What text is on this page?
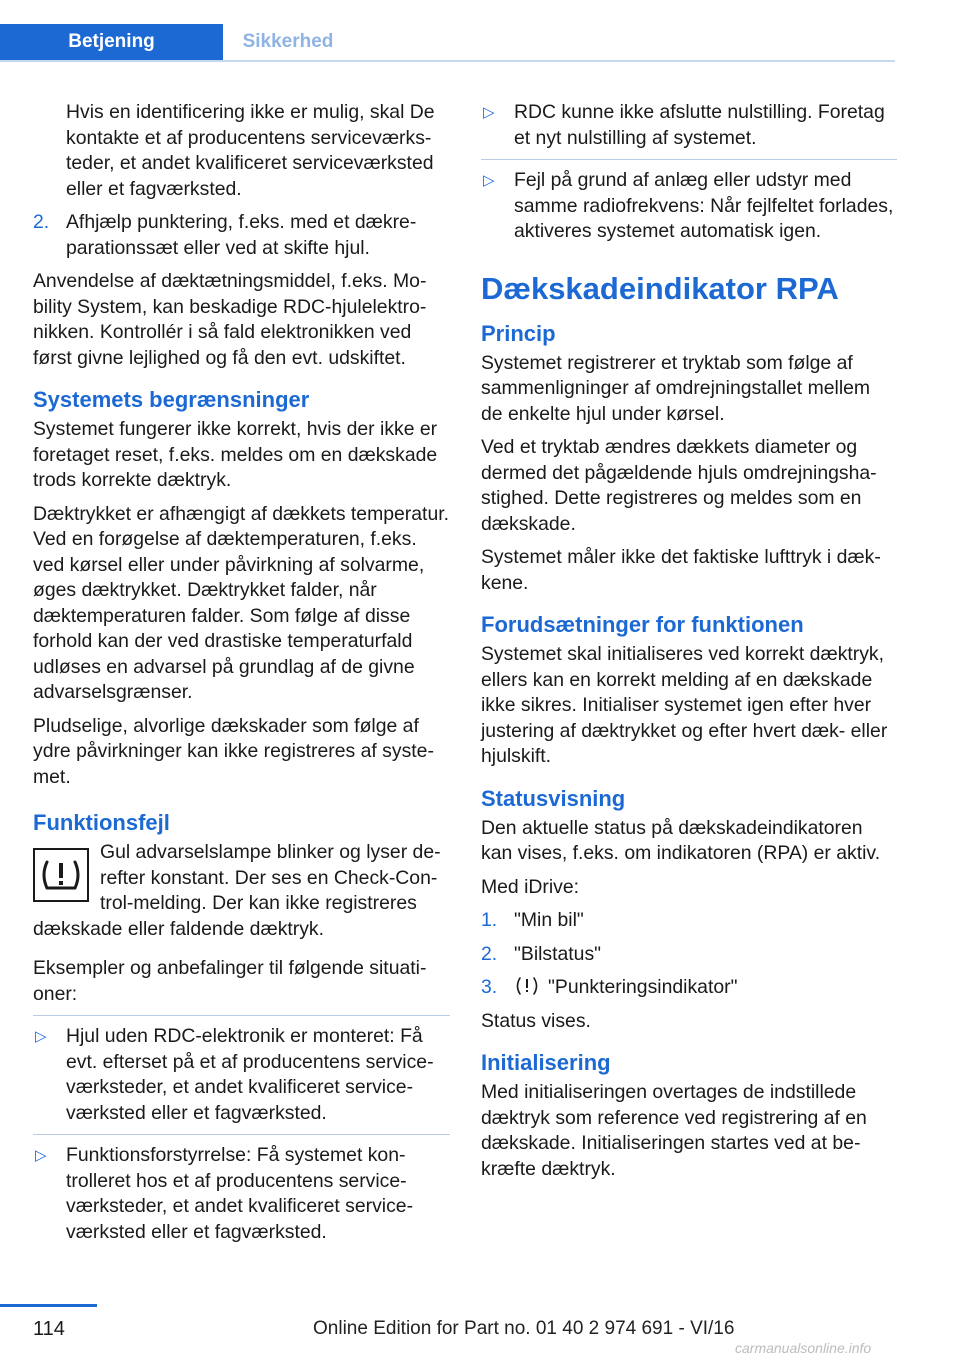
Betjening	Sikkerhed

Hvis en identificering ikke er mulig, skal De kontakte et af producentens serviceværksteder, et andet kvalificeret serviceværksted eller et fagværksted.

2. Afhjælp punktering, f.eks. med et dækreparationssæt eller ved at skifte hjul.

Anvendelse af dæktætningsmiddel, f.eks. Mobility System, kan beskadige RDC-hjulelektronikken. Kontrollér i så fald elektronikken ved først givne lejlighed og få den evt. udskiftet.

Systemets begrænsninger

Systemet fungerer ikke korrekt, hvis der ikke er foretaget reset, f.eks. meldes om en dækskade trods korrekte dæktryk.

Dæktrykket er afhængigt af dækkets temperatur. Ved en forøgelse af dæktemperaturen, f.eks. ved kørsel eller under påvirkning af solvarme, øges dæktrykket. Dæktrykket falder, når dæktemperaturen falder. Som følge af disse forhold kan der ved drastiske temperaturfald udløses en advarsel på grundlag af de givne advarselsgrænser.

Pludselige, alvorlige dækskader som følge af ydre påvirkninger kan ikke registreres af systemet.

Funktionsfejl
Gul advarselslampe blinker og lyser derefter konstant. Der ses en Check-Control-melding. Der kan ikke registreres
dækskade eller faldende dæktryk.

Eksempler og anbefalinger til følgende situationer:

▷ Hjul uden RDC-elektronik er monteret: Få evt. efterset på et af producentens serviceværksteder, et andet kvalificeret serviceværksted eller et fagværksted.
▷ Funktionsforstyrrelse: Få systemet kontrolleret hos et af producentens serviceværksteder, et andet kvalificeret serviceværksted eller et fagværksted.
▷ RDC kunne ikke afslutte nulstilling. Foretag et nyt nulstilling af systemet.
▷ Fejl på grund af anlæg eller udstyr med samme radiofrekvens: Når fejlfeltet forlades, aktiveres systemet automatisk igen.
Dækskadeindikator RPA
Princip

Systemet registrerer et tryktab som følge af sammenligninger af omdrejningstallet mellem de enkelte hjul under kørsel.

Ved et tryktab ændres dækkets diameter og dermed det pågældende hjuls omdrejningshastighed. Dette registreres og meldes som en dækskade.

Systemet måler ikke det faktiske lufttryk i dækkene.

Forudsætninger for funktionen

Systemet skal initialiseres ved korrekt dæktryk, ellers kan en korrekt melding af en dækskade ikke sikres. Initialiser systemet igen efter hver justering af dæktrykket og efter hvert dæk- eller hjulskift.

Statusvisning

Den aktuelle status på dækskadeindikatoren kan vises, f.eks. om indikatoren (RPA) er aktiv.

Med iDrive:

1. "Min bil"
2. "Bilstatus"
3.	"Punkteringsindikator"

Status vises.

Initialisering

Med initialiseringen overtages de indstillede dæktryk som reference ved registrering af en dækskade. Initialiseringen startes ved at bekræfte dæktryk.

114	Online Edition for Part no. 01 40 2 974 691 - VI/16
carmanualsonline.info
